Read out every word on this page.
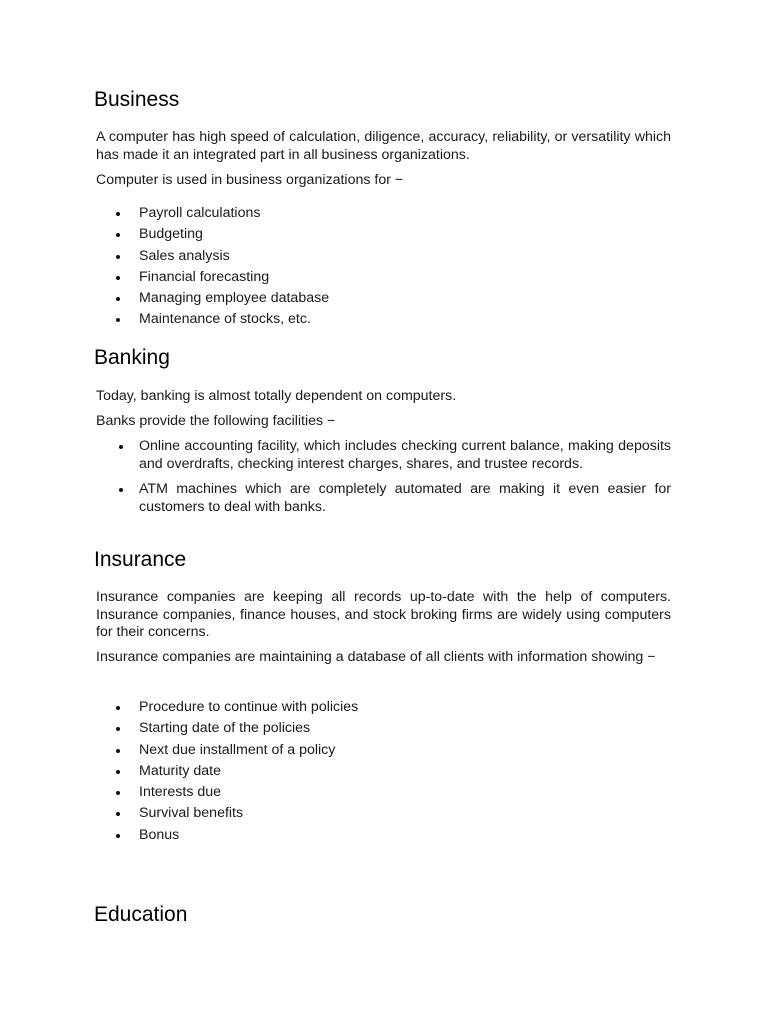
Business

A computer has high speed of calculation, diligence, accuracy, reliability, or versatility which has made it an integrated part in all business organizations.

Computer is used in business organizations for −

Payroll calculations
Budgeting
Sales analysis
Financial forecasting
Managing employee database
Maintenance of stocks, etc.
Banking

Today, banking is almost totally dependent on computers.

Banks provide the following facilities −

Online accounting facility, which includes checking current balance, making deposits and overdrafts, checking interest charges, shares, and trustee records.
ATM machines which are completely automated are making it even easier for customers to deal with banks.
Insurance

Insurance companies are keeping all records up-to-date with the help of computers. Insurance companies, finance houses, and stock broking firms are widely using computers for their concerns.

Insurance companies are maintaining a database of all clients with information showing −

Procedure to continue with policies
Starting date of the policies
Next due installment of a policy
Maturity date
Interests due
Survival benefits
Bonus
Education
